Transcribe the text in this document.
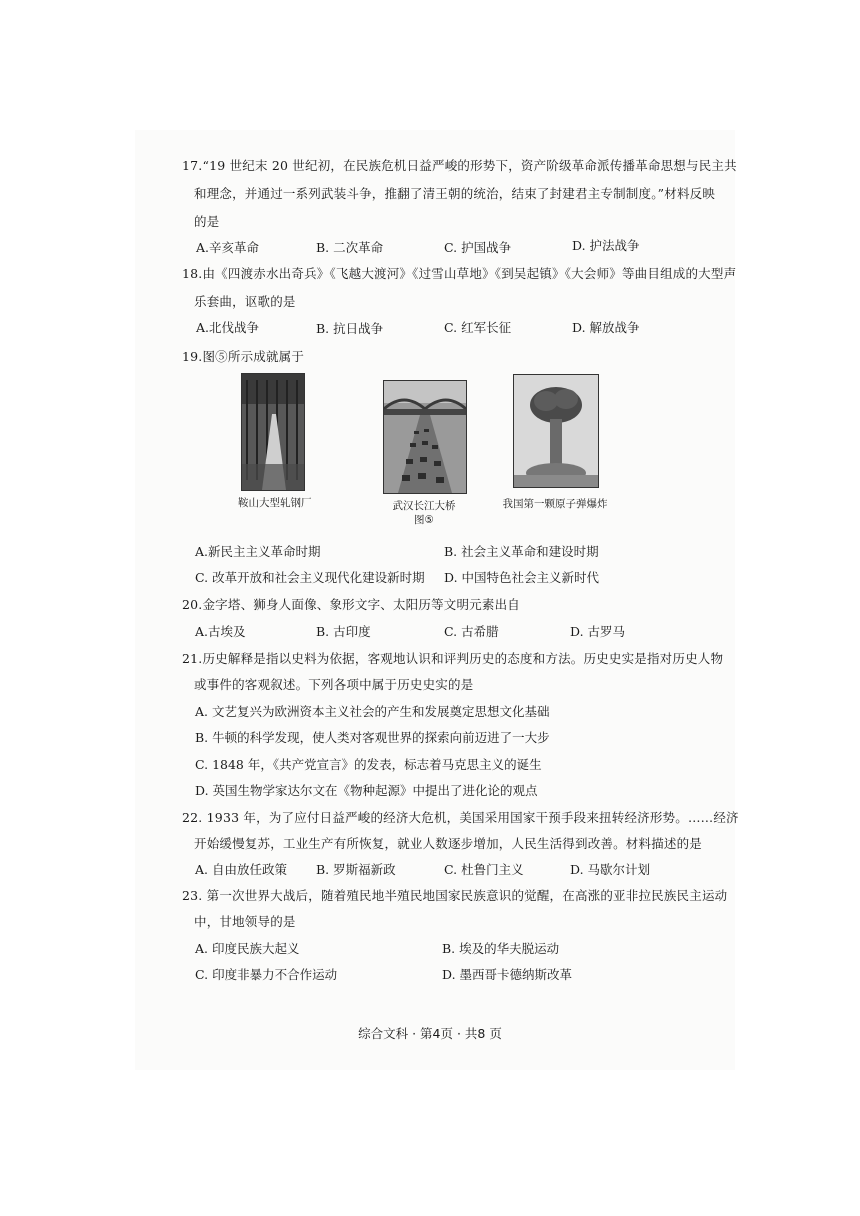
17.“19 世纪末 20 世纪初，在民族危机日益严峻的形势下，资产阶级革命派传播革命思想与民主共
和理念，并通过一系列武装斗争，推翻了清王朝的统治，结束了封建君主专制制度。”材料反映
的是
A.辛亥革命	B. 二次革命	C. 护国战争	D. 护法战争
18.由《四渡赤水出奇兵》《飞越大渡河》《过雪山草地》《到吴起镇》《大会师》等曲目组成的大型声
乐套曲，讴歌的是
A.北伐战争	B. 抗日战争	C. 红军长征	D. 解放战争
19.图⑤所示成就属于
鞍山大型轧钢厂	武汉长江大桥
图⑤
我国第一颗原子弹爆炸
A.新民主主义革命时期	B. 社会主义革命和建设时期
C. 改革开放和社会主义现代化建设新时期 D. 中国特色社会主义新时代
20.金字塔、狮身人面像、象形文字、太阳历等文明元素出自
A.古埃及	B. 古印度	C. 古希腊	D. 古罗马
21.历史解释是指以史料为依据，客观地认识和评判历史的态度和方法。历史史实是指对历史人物
或事件的客观叙述。下列各项中属于历史史实的是
A. 文艺复兴为欧洲资本主义社会的产生和发展奠定思想文化基础
B. 牛顿的科学发现，使人类对客观世界的探索向前迈进了一大步
C. 1848 年，《共产党宣言》的发表，标志着马克思主义的诞生
D. 英国生物学家达尔文在《物种起源》中提出了进化论的观点
22. 1933 年，为了应付日益严峻的经济大危机，美国采用国家干预手段来扭转经济形势。……经济
开始缓慢复苏，工业生产有所恢复，就业人数逐步增加，人民生活得到改善。材料描述的是
A. 自由放任政策 B. 罗斯福新政	C. 杜鲁门主义	D. 马歇尔计划
23. 第一次世界大战后，随着殖民地半殖民地国家民族意识的觉醒，在高涨的亚非拉民族民主运动
中，甘地领导的是
A. 印度民族大起义	B. 埃及的华夫脱运动
C. 印度非暴力不合作运动	D. 墨西哥卡德纳斯改革
综合文科 · 第4页 · 共8 页
